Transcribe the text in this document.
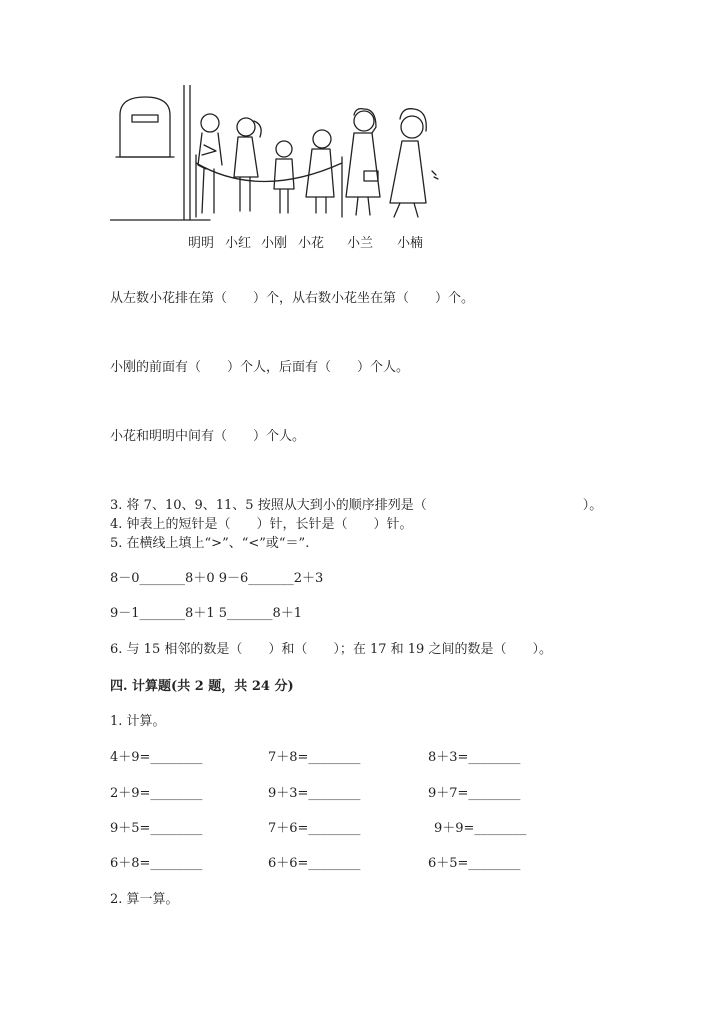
明明 小红 小刚 小花 小兰 小楠
从左数小花排在第（　　）个，从右数小花坐在第（　　）个。
小刚的前面有（　　）个人，后面有（　　）个人。
小花和明明中间有（　　）个人。
3. 将 7、10、9、11、5 按照从大到小的顺序排列是（　　　　　　　　　　　　）。
4. 钟表上的短针是（　　）针，长针是（　　）针。
5. 在横线上填上“>”、“<”或“＝”.
8－0_______8＋0 9－6_______2＋3
9－1_______8＋1 5_______8＋1
6. 与 15 相邻的数是（　　）和（　　）；在 17 和 19 之间的数是（　　）。
四. 计算题(共 2 题，共 24 分)
1. 计算。
4＋9=________	7＋8=________	8＋3=________
2＋9=________	9＋3=________	9＋7=________
9＋5=________	7＋6=________	9＋9=________
6＋8=________	6＋6=________	6＋5=________
2. 算一算。
